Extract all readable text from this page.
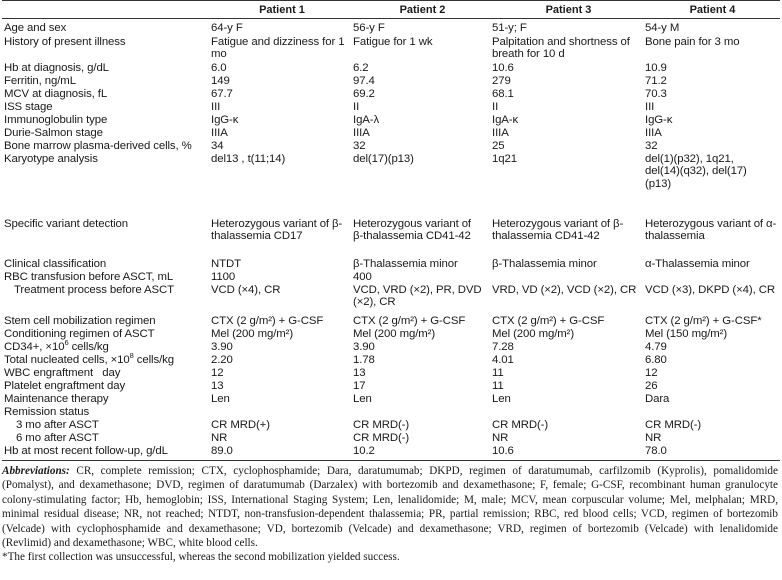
	Patient 1	Patient 2	Patient 3	Patient 4
Age and sex	64-y F	56-y F	51-y; F	54-y M
History of present illness	Fatigue and dizziness for 1 mo	Fatigue for 1 wk	Palpitation and shortness of breath for 10 d	Bone pain for 3 mo
Hb at diagnosis, g/dL	6.0	6.2	10.6	10.9
Ferritin, ng/mL	149	97.4	279	71.2
MCV at diagnosis, fL	67.7	69.2	68.1	70.3
ISS stage	III	II	II	III
Immunoglobulin type	IgG-κ	IgA-λ	IgA-κ	IgG-κ
Durie-Salmon stage	IIIA	IIIA	IIIA	IIIA
Bone marrow plasma-derived cells, %	34	32	25	32
Karyotype analysis	del13 , t(11;14)	del(17)(p13)	1q21	del(1)(p32), 1q21, del(14)(q32), del(17)(p13)
Specific variant detection	Heterozygous variant of β-thalassemia CD17	Heterozygous variant of β-thalassemia CD41-42	Heterozygous variant of β-thalassemia CD41-42	Heterozygous variant of α-thalassemia
Clinical classification	NTDT	β-Thalassemia minor	β-Thalassemia minor	α-Thalassemia minor
RBC transfusion before ASCT, mL	1100	400		
Treatment process before ASCT	VCD (×4), CR	VCD, VRD (×2), PR, DVD (×2), CR	VRD, VD (×2), VCD (×2), CR	VCD (×3), DKPD (×4), CR
Stem cell mobilization regimen	CTX (2 g/m²) + G-CSF	CTX (2 g/m²) + G-CSF	CTX (2 g/m²) + G-CSF	CTX (2 g/m²) + G-CSF*
Conditioning regimen of ASCT	Mel (200 mg/m²)	Mel (200 mg/m²)	Mel (200 mg/m²)	Mel (150 mg/m²)
CD34+, $\times 10^6$ cells/kg	3.90	3.90	7.28	4.79
Total nucleated cells, $\times 10^8$ cells/kg	2.20	1.78	4.01	6.80
WBC engraftment   day	12	13	11	12
Platelet engraftment day	13	17	11	26
Maintenance therapy	Len	Len	Len	Dara
Remission status				
3 mo after ASCT	CR MRD(+)	CR MRD(-)	CR MRD(-)	CR MRD(-)
6 mo after ASCT	NR	CR MRD(-)	NR	NR
Hb at most recent follow-up, g/dL	89.0	10.2	10.6	78.0

Abbreviations: CR, complete remission; CTX, cyclophosphamide; Dara, daratumumab; DKPD, regimen of daratumumab, carfilzomib (Kyprolis), pomalidomide (Pomalyst), and dexamethasone; DVD, regimen of daratumumab (Darzalex) with bortezomib and dexamethasone; F, female; G-CSF, recombinant human granulocyte colony-stimulating factor; Hb, hemoglobin; ISS, International Staging System; Len, lenalidomide; M, male; MCV, mean corpuscular volume; Mel, melphalan; MRD, minimal residual disease; NR, not reached; NTDT, non-transfusion-dependent thalassemia; PR, partial remission; RBC, red blood cells; VCD, regimen of bortezomib (Velcade) with cyclophosphamide and dexamethasone; VD, bortezomib (Velcade) and dexamethasone; VRD, regimen of bortezomib (Velcade) with lenalidomide (Revlimid) and dexamethasone; WBC, white blood cells.

*The first collection was unsuccessful, whereas the second mobilization yielded success.
